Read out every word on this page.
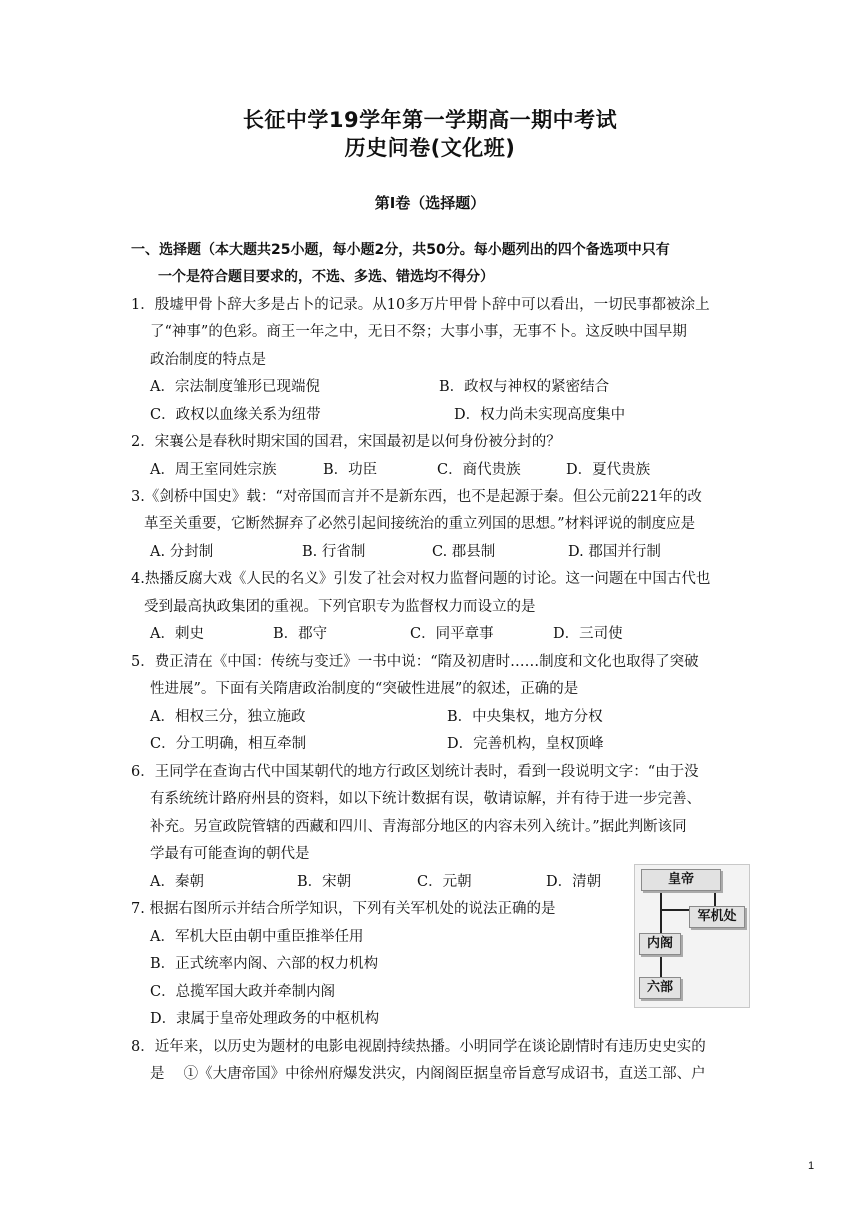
长征中学19学年第一学期高一期中考试
历史问卷(文化班)
第Ⅰ卷（选择题）
一、选择题（本大题共25小题，每小题2分，共50分。每小题列出的四个备选项中只有
一个是符合题目要求的，不选、多选、错选均不得分）
1．殷墟甲骨卜辞大多是占卜的记录。从10多万片甲骨卜辞中可以看出，一切民事都被涂上
了“神事”的色彩。商王一年之中，无日不祭；大事小事，无事不卜。这反映中国早期
政治制度的特点是
A．宗法制度雏形已现端倪	B．政权与神权的紧密结合
C．政权以血缘关系为纽带	D．权力尚未实现高度集中
2．宋襄公是春秋时期宋国的国君，宋国最初是以何身份被分封的？
A．周王室同姓宗族	B．功臣	C．商代贵族	D．夏代贵族
3.《剑桥中国史》载：“对帝国而言并不是新东西，也不是起源于秦。但公元前221年的改
革至关重要，它断然摒弃了必然引起间接统治的重立列国的思想。”材料评说的制度应是
A. 分封制	B. 行省制	C. 郡县制	D. 郡国并行制
4.热播反腐大戏《人民的名义》引发了社会对权力监督问题的讨论。这一问题在中国古代也
受到最高执政集团的重视。下列官职专为监督权力而设立的是
A．刺史	B．郡守	C．同平章事	D．三司使
5．费正清在《中国：传统与变迁》一书中说：“隋及初唐时……制度和文化也取得了突破
性进展”。下面有关隋唐政治制度的“突破性进展”的叙述，正确的是
A．相权三分，独立施政	B．中央集权，地方分权
C．分工明确，相互牵制	D．完善机构，皇权顶峰
6．王同学在查询古代中国某朝代的地方行政区划统计表时，看到一段说明文字：“由于没
有系统统计路府州县的资料，如以下统计数据有误，敬请谅解，并有待于进一步完善、
补充。另宣政院管辖的西藏和四川、青海部分地区的内容未列入统计。”据此判断该同
学最有可能查询的朝代是
A．秦朝	B．宋朝	C．元朝	D．清朝
7. 根据右图所示并结合所学知识，下列有关军机处的说法正确的是
A．军机大臣由朝中重臣推举任用
B．正式统率内阁、六部的权力机构
C．总揽军国大政并牵制内阁
D．隶属于皇帝处理政务的中枢机构
8．近年来，以历史为题材的电影电视剧持续热播。小明同学在谈论剧情时有违历史史实的
是　 ①《大唐帝国》中徐州府爆发洪灾，内阁阁臣据皇帝旨意写成诏书，直送工部、户
皇帝
军机处
内阁
六部
1
